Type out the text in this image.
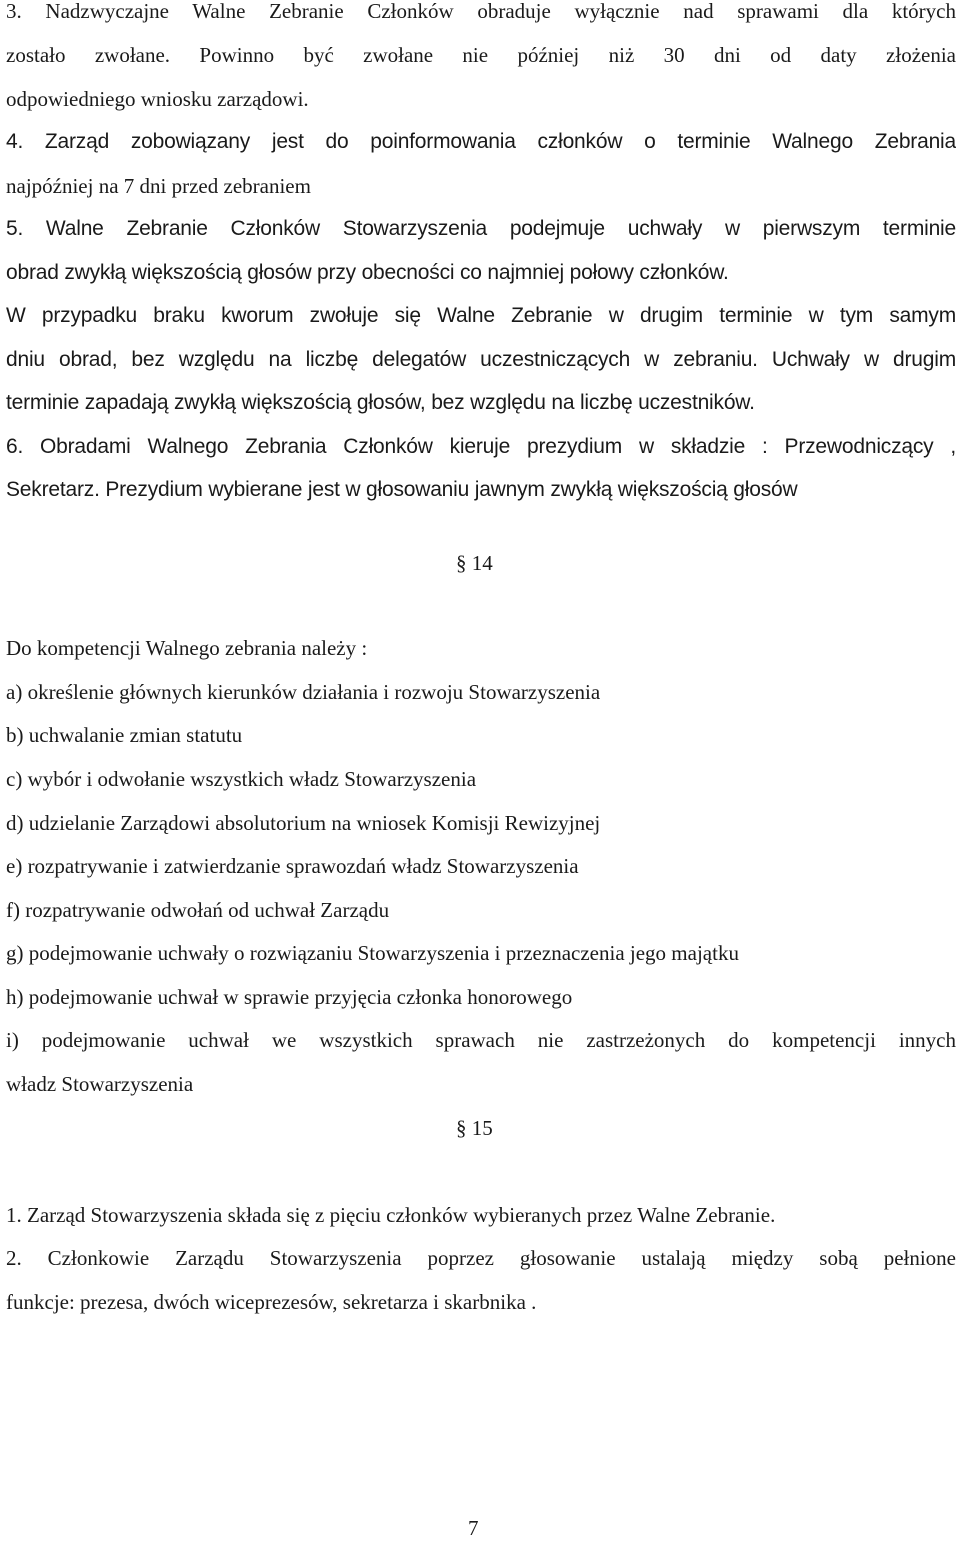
3. Nadzwyczajne Walne Zebranie Członków obraduje wyłącznie nad sprawami dla których
zostało zwołane. Powinno być zwołane nie później niż 30 dni od daty złożenia
odpowiedniego wniosku zarządowi.
4. Zarząd zobowiązany jest do poinformowania członków o terminie Walnego Zebrania
najpóźniej na 7 dni przed zebraniem
5. Walne Zebranie Członków Stowarzyszenia podejmuje uchwały w pierwszym terminie
obrad zwykłą większością głosów przy obecności co najmniej połowy członków.
W przypadku braku kworum zwołuje się Walne Zebranie w drugim terminie w tym samym
dniu obrad, bez względu na liczbę delegatów uczestniczących w zebraniu. Uchwały w drugim
terminie zapadają zwykłą większością głosów, bez względu na liczbę uczestników.
6. Obradami Walnego Zebrania Członków kieruje prezydium w składzie : Przewodniczący ,
Sekretarz. Prezydium wybierane jest w głosowaniu jawnym zwykłą większością głosów
§ 14
Do kompetencji Walnego zebrania należy :
a) określenie głównych kierunków działania i rozwoju Stowarzyszenia
b) uchwalanie zmian statutu
c) wybór i odwołanie wszystkich władz Stowarzyszenia
d) udzielanie Zarządowi absolutorium na wniosek Komisji Rewizyjnej
e) rozpatrywanie i zatwierdzanie sprawozdań władz Stowarzyszenia
f) rozpatrywanie odwołań od uchwał Zarządu
g) podejmowanie uchwały o rozwiązaniu Stowarzyszenia i przeznaczenia jego majątku
h) podejmowanie uchwał w sprawie przyjęcia członka honorowego
i) podejmowanie uchwał we wszystkich sprawach nie zastrzeżonych do kompetencji innych
władz Stowarzyszenia
§ 15
1. Zarząd Stowarzyszenia składa się z pięciu członków wybieranych przez Walne Zebranie.
2. Członkowie Zarządu Stowarzyszenia poprzez głosowanie ustalają między sobą pełnione
funkcje: prezesa, dwóch wiceprezesów, sekretarza i skarbnika .
7
